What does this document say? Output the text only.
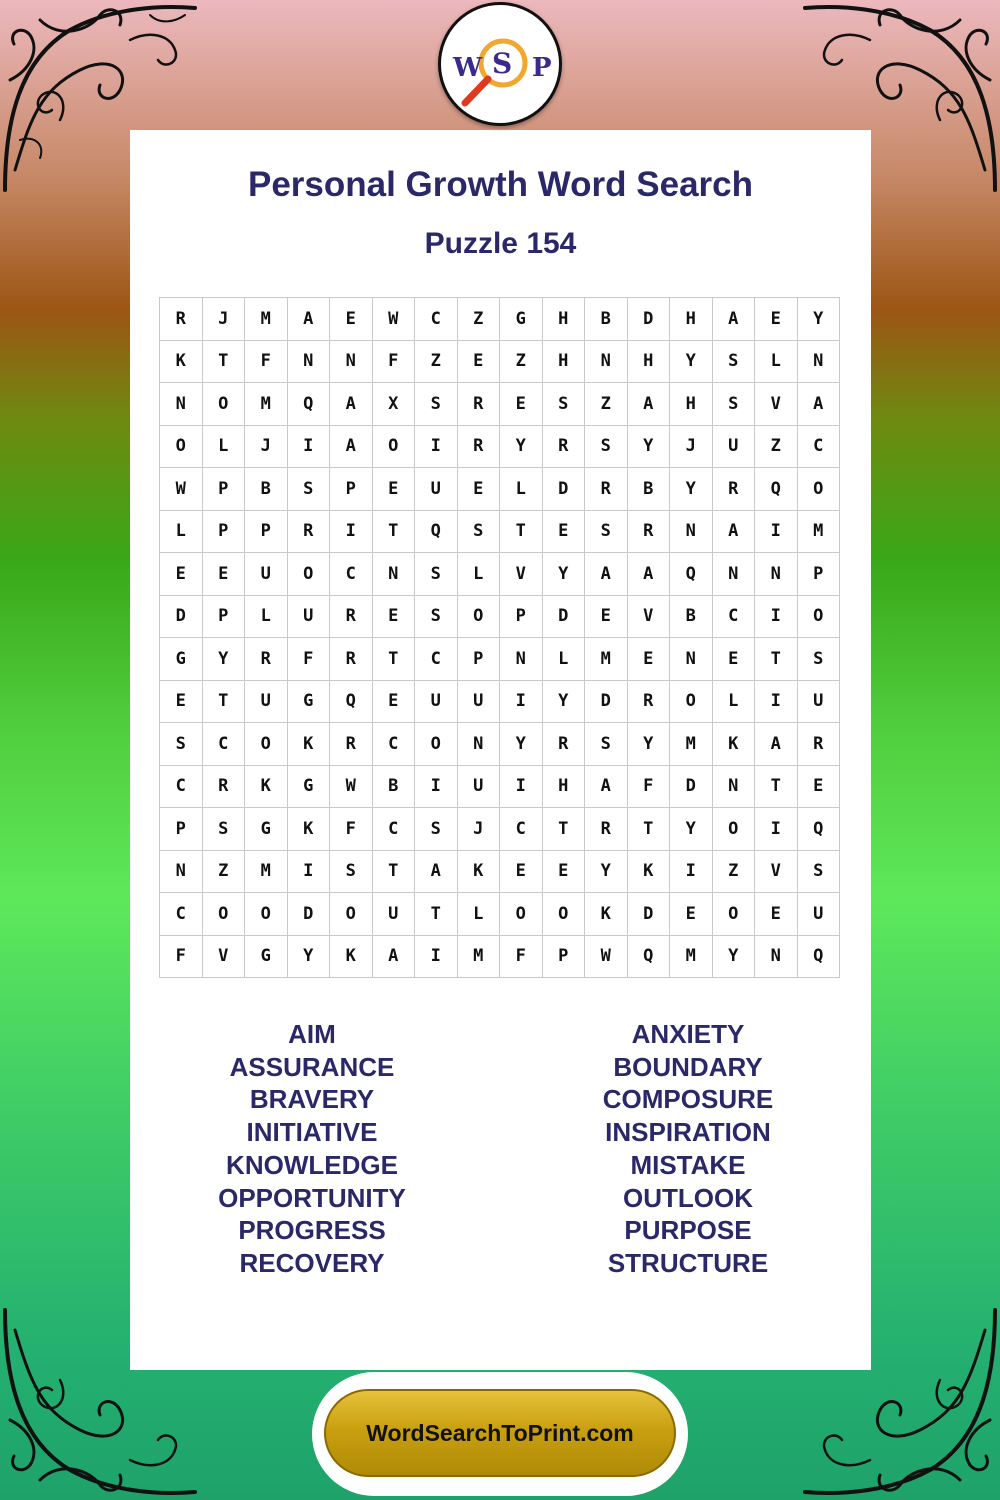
W S P
Personal Growth Word Search
Puzzle 154
R	J	M	A	E	W	C	Z	G	H	B	D	H	A	E	Y
K	T	F	N	N	F	Z	E	Z	H	N	H	Y	S	L	N
N	O	M	Q	A	X	S	R	E	S	Z	A	H	S	V	A
O	L	J	I	A	O	I	R	Y	R	S	Y	J	U	Z	C
W	P	B	S	P	E	U	E	L	D	R	B	Y	R	Q	O
L	P	P	R	I	T	Q	S	T	E	S	R	N	A	I	M
E	E	U	O	C	N	S	L	V	Y	A	A	Q	N	N	P
D	P	L	U	R	E	S	O	P	D	E	V	B	C	I	O
G	Y	R	F	R	T	C	P	N	L	M	E	N	E	T	S
E	T	U	G	Q	E	U	U	I	Y	D	R	O	L	I	U
S	C	O	K	R	C	O	N	Y	R	S	Y	M	K	A	R
C	R	K	G	W	B	I	U	I	H	A	F	D	N	T	E
P	S	G	K	F	C	S	J	C	T	R	T	Y	O	I	Q
N	Z	M	I	S	T	A	K	E	E	Y	K	I	Z	V	S
C	O	O	D	O	U	T	L	O	O	K	D	E	O	E	U
F	V	G	Y	K	A	I	M	F	P	W	Q	M	Y	N	Q
AIM
ASSURANCE
BRAVERY
INITIATIVE
KNOWLEDGE
OPPORTUNITY
PROGRESS
RECOVERY
ANXIETY
BOUNDARY
COMPOSURE
INSPIRATION
MISTAKE
OUTLOOK
PURPOSE
STRUCTURE
WordSearchToPrint.com
